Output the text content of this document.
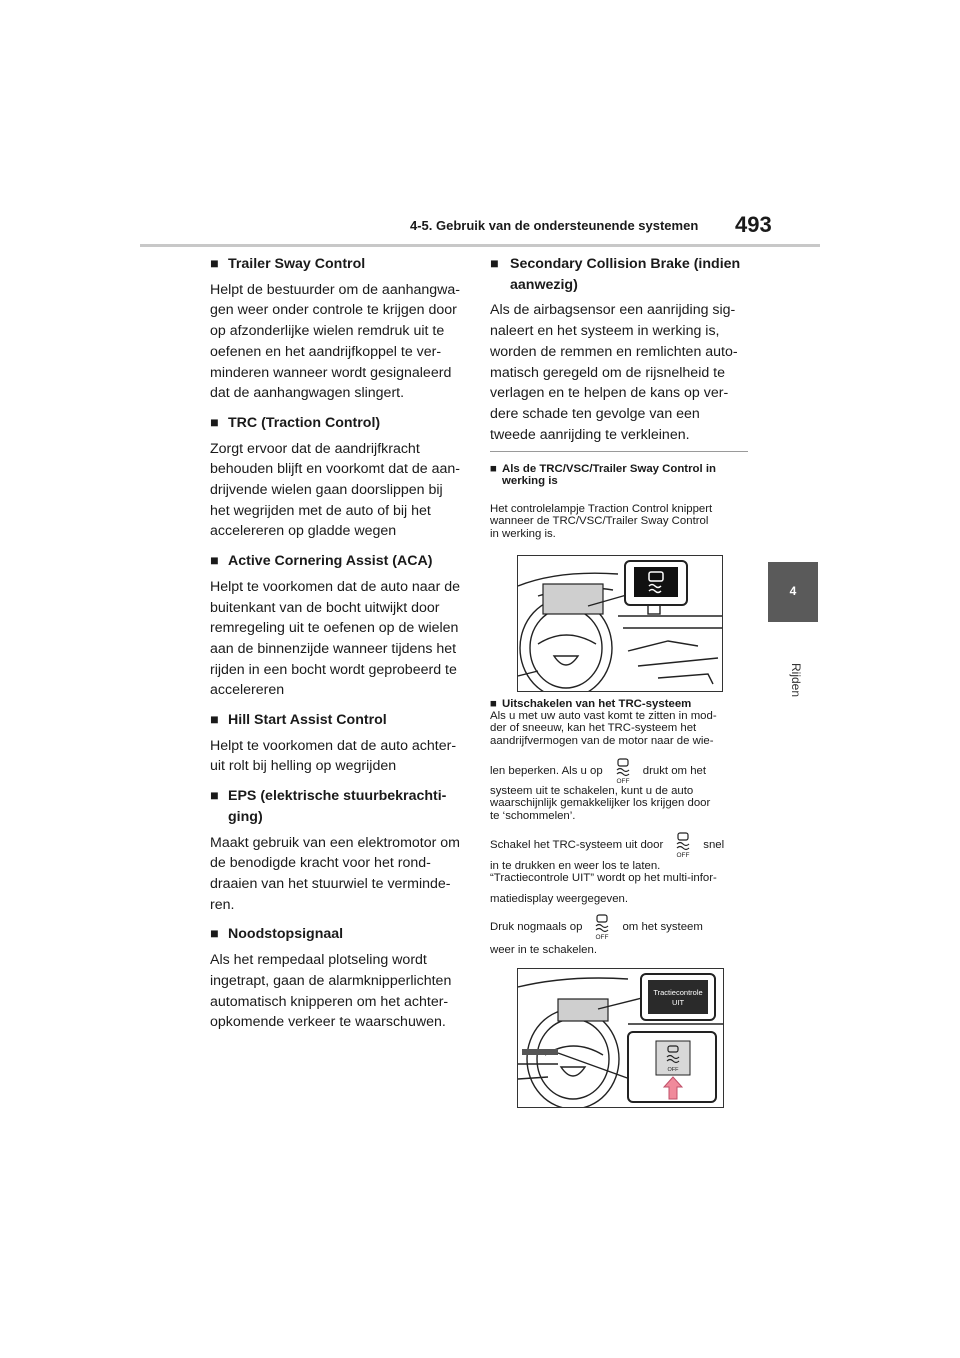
4-5. Gebruik van de ondersteunende systemen 493
4
Rijden
■ Trailer Sway Control
Helpt de bestuurder om de aanhangwa-
gen weer onder controle te krijgen door
op afzonderlijke wielen remdruk uit te
oefenen en het aandrijfkoppel te ver-
minderen wanneer wordt gesignaleerd
dat de aanhangwagen slingert.
■ TRC (Traction Control)
Zorgt ervoor dat de aandrijfkracht
behouden blijft en voorkomt dat de aan-
drijvende wielen gaan doorslippen bij
het wegrijden met de auto of bij het
accelereren op gladde wegen
■ Active Cornering Assist (ACA)
Helpt te voorkomen dat de auto naar de
buitenkant van de bocht uitwijkt door
remregeling uit te oefenen op de wielen
aan de binnenzijde wanneer tijdens het
rijden in een bocht wordt geprobeerd te
accelereren
■ Hill Start Assist Control
Helpt te voorkomen dat de auto achter-
uit rolt bij helling op wegrijden
■ EPS (elektrische stuurbekrachti-
ging)
Maakt gebruik van een elektromotor om
de benodigde kracht voor het rond-
draaien van het stuurwiel te verminde-
ren.
■ Noodstopsignaal
Als het rempedaal plotseling wordt
ingetrapt, gaan de alarmknipperlichten
automatisch knipperen om het achter-
opkomende verkeer te waarschuwen.
■ Secondary Collision Brake (indien
aanwezig)
Als de airbagsensor een aanrijding sig-
naleert en het systeem in werking is,
worden de remmen en remlichten auto-
matisch geregeld om de rijsnelheid te
verlagen en te helpen de kans op ver-
dere schade ten gevolge van een
tweede aanrijding te verkleinen.
■ Als de TRC/VSC/Trailer Sway Control in
werking is
Het controlelampje Traction Control knippert
wanneer de TRC/VSC/Trailer Sway Control
in werking is.
■ Uitschakelen van het TRC-systeem
Als u met uw auto vast komt te zitten in mod-
der of sneeuw, kan het TRC-systeem het
aandrijfvermogen van de motor naar de wie-
len beperken. Als u op
OFF
drukt om het
systeem uit te schakelen, kunt u de auto
waarschijnlijk gemakkelijker los krijgen door
te ‘schommelen’.
Schakel het TRC-systeem uit door
OFF
snel
in te drukken en weer los te laten.
“Tractiecontrole UIT” wordt op het multi-infor-
matiedisplay weergegeven.
Druk nogmaals op
OFF
om het systeem
weer in te schakelen.
Tractiecontrole
UIT
OFF
